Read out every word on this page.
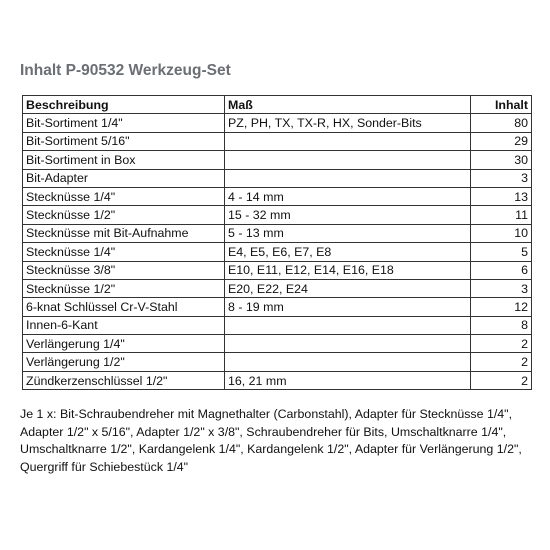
Inhalt P-90532 Werkzeug-Set
Beschreibung	Maß	Inhalt
Bit-Sortiment 1/4"	PZ, PH, TX, TX-R, HX, Sonder-Bits	80
Bit-Sortiment 5/16"		29
Bit-Sortiment in Box		30
Bit-Adapter		3
Stecknüsse 1/4"	4 - 14 mm	13
Stecknüsse 1/2"	15 - 32 mm	11
Stecknüsse mit Bit-Aufnahme	5 - 13 mm	10
Stecknüsse 1/4"	E4, E5, E6, E7, E8	5
Stecknüsse 3/8"	E10, E11, E12, E14, E16, E18	6
Stecknüsse 1/2"	E20, E22, E24	3
6-knat Schlüssel Cr-V-Stahl	8 - 19 mm	12
Innen-6-Kant		8
Verlängerung 1/4"		2
Verlängerung 1/2"		2
Zündkerzenschlüssel 1/2"	16, 21 mm	2
Je 1 x: Bit-Schraubendreher mit Magnethalter (Carbonstahl), Adapter für Stecknüsse 1/4", Adapter 1/2" x 5/16", Adapter 1/2" x 3/8", Schraubendreher für Bits, Umschaltknarre 1/4", Umschaltknarre 1/2", Kardangelenk 1/4", Kardangelenk 1/2", Adapter für Verlängerung 1/2", Quergriff für Schiebestück 1/4"
